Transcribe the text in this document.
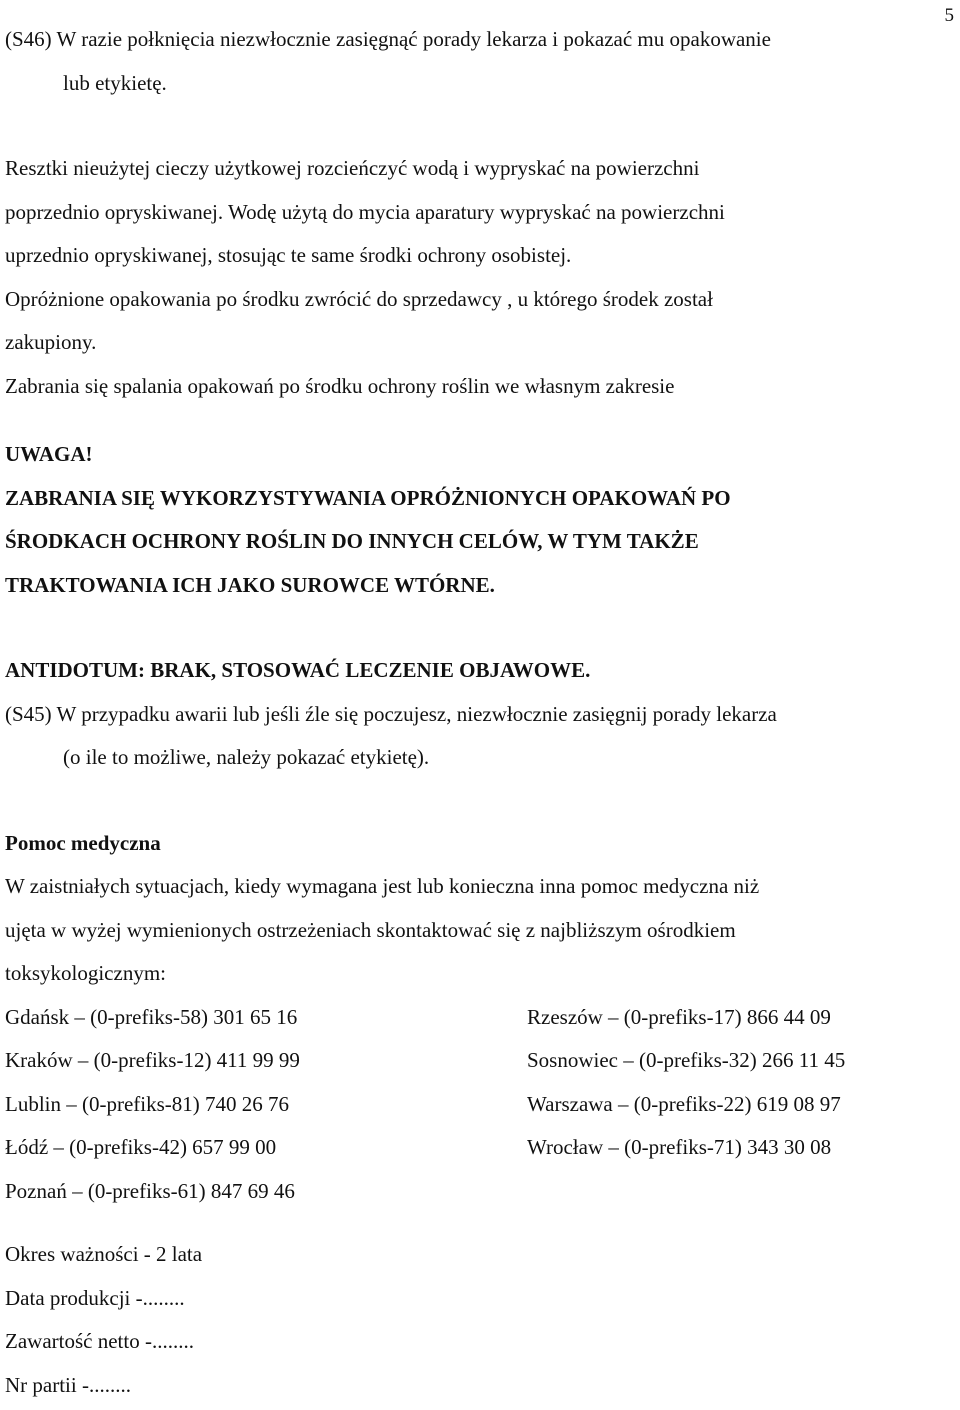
5

(S46) W razie połknięcia niezwłocznie zasięgnąć porady lekarza i pokazać mu opakowanie

lub etykietę.

Resztki nieużytej cieczy użytkowej rozcieńczyć wodą i wypryskać na powierzchni

poprzednio opryskiwanej. Wodę użytą do mycia aparatury wypryskać na powierzchni

uprzednio opryskiwanej, stosując te same środki ochrony osobistej.

Opróżnione opakowania po środku zwrócić do sprzedawcy , u którego środek został

zakupiony.

Zabrania się spalania opakowań po środku ochrony roślin we własnym zakresie

UWAGA!

ZABRANIA SIĘ WYKORZYSTYWANIA OPRÓŻNIONYCH OPAKOWAŃ PO

ŚRODKACH OCHRONY ROŚLIN DO INNYCH CELÓW, W TYM TAKŻE

TRAKTOWANIA ICH JAKO SUROWCE WTÓRNE.

ANTIDOTUM: BRAK, STOSOWAĆ LECZENIE OBJAWOWE.

(S45) W przypadku awarii lub jeśli źle się poczujesz, niezwłocznie zasięgnij porady lekarza

(o ile to możliwe, należy pokazać etykietę).

Pomoc medyczna

W zaistniałych sytuacjach, kiedy wymagana jest lub konieczna inna pomoc medyczna niż

ujęta w wyżej wymienionych ostrzeżeniach skontaktować się z najbliższym ośrodkiem

toksykologicznym:

Gdańsk – (0-prefiks-58) 301 65 16
Kraków – (0-prefiks-12) 411 99 99
Lublin – (0-prefiks-81) 740 26 76
Łódź – (0-prefiks-42) 657 99 00
Poznań – (0-prefiks-61) 847 69 46
Rzeszów – (0-prefiks-17) 866 44 09
Sosnowiec – (0-prefiks-32) 266 11 45
Warszawa – (0-prefiks-22) 619 08 97
Wrocław – (0-prefiks-71) 343 30 08

Okres ważności - 2 lata

Data produkcji -........

Zawartość netto -........

Nr partii -........
